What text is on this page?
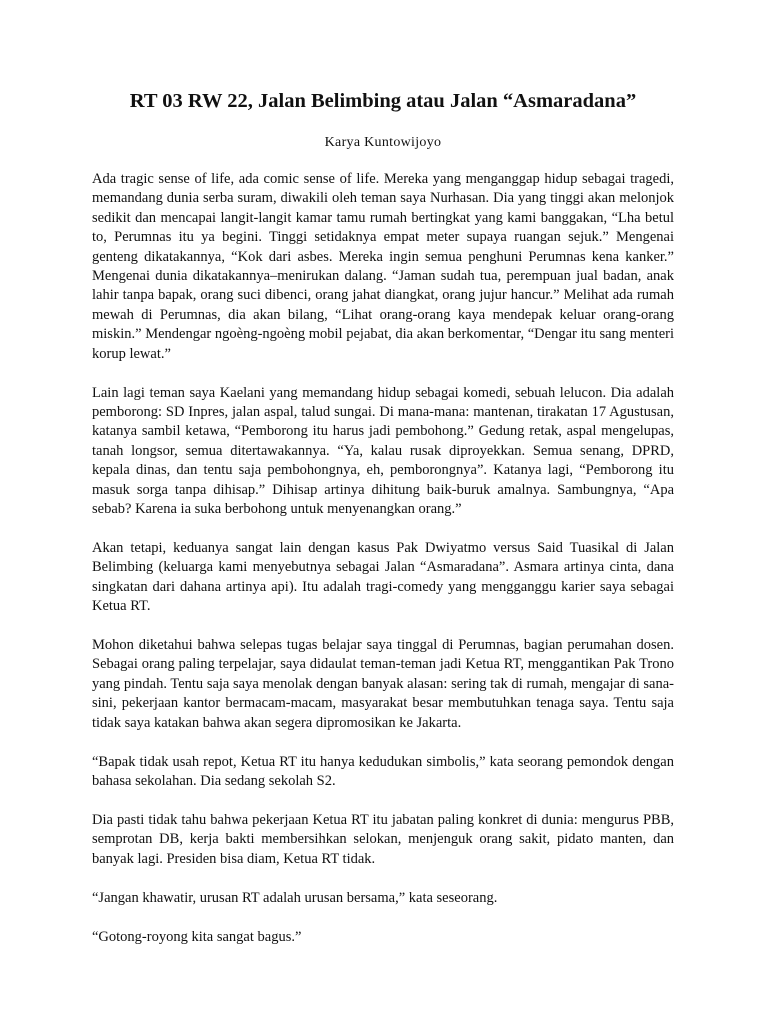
RT 03 RW 22, Jalan Belimbing atau Jalan “Asmaradana”
Karya Kuntowijoyo

Ada tragic sense of life, ada comic sense of life. Mereka yang menganggap hidup sebagai tragedi, memandang dunia serba suram, diwakili oleh teman saya Nurhasan. Dia yang tinggi akan melonjok sedikit dan mencapai langit-langit kamar tamu rumah bertingkat yang kami banggakan, “Lha betul to, Perumnas itu ya begini. Tinggi setidaknya empat meter supaya ruangan sejuk.” Mengenai genteng dikatakannya, “Kok dari asbes. Mereka ingin semua penghuni Perumnas kena kanker.” Mengenai dunia dikatakannya–menirukan dalang. “Jaman sudah tua, perempuan jual badan, anak lahir tanpa bapak, orang suci dibenci, orang jahat diangkat, orang jujur hancur.” Melihat ada rumah mewah di Perumnas, dia akan bilang, “Lihat orang-orang kaya mendepak keluar orang-orang miskin.” Mendengar ngoèng-ngoèng mobil pejabat, dia akan berkomentar, “Dengar itu sang menteri korup lewat.”

Lain lagi teman saya Kaelani yang memandang hidup sebagai komedi, sebuah lelucon. Dia adalah pemborong: SD Inpres, jalan aspal, talud sungai. Di mana-mana: mantenan, tirakatan 17 Agustusan, katanya sambil ketawa, “Pemborong itu harus jadi pembohong.” Gedung retak, aspal mengelupas, tanah longsor, semua ditertawakannya. “Ya, kalau rusak diproyekkan. Semua senang, DPRD, kepala dinas, dan tentu saja pembohongnya, eh, pemborongnya”. Katanya lagi, “Pemborong itu masuk sorga tanpa dihisap.” Dihisap artinya dihitung baik-buruk amalnya. Sambungnya, “Apa sebab? Karena ia suka berbohong untuk menyenangkan orang.”

Akan tetapi, keduanya sangat lain dengan kasus Pak Dwiyatmo versus Said Tuasikal di Jalan Belimbing (keluarga kami menyebutnya sebagai Jalan “Asmaradana”. Asmara artinya cinta, dana singkatan dari dahana artinya api). Itu adalah tragi-comedy yang mengganggu karier saya sebagai Ketua RT.

Mohon diketahui bahwa selepas tugas belajar saya tinggal di Perumnas, bagian perumahan dosen. Sebagai orang paling terpelajar, saya didaulat teman-teman jadi Ketua RT, menggantikan Pak Trono yang pindah. Tentu saja saya menolak dengan banyak alasan: sering tak di rumah, mengajar di sana-sini, pekerjaan kantor bermacam-macam, masyarakat besar membutuhkan tenaga saya. Tentu saja tidak saya katakan bahwa akan segera dipromosikan ke Jakarta.

“Bapak tidak usah repot, Ketua RT itu hanya kedudukan simbolis,” kata seorang pemondok dengan bahasa sekolahan. Dia sedang sekolah S2.

Dia pasti tidak tahu bahwa pekerjaan Ketua RT itu jabatan paling konkret di dunia: mengurus PBB, semprotan DB, kerja bakti membersihkan selokan, menjenguk orang sakit, pidato manten, dan banyak lagi. Presiden bisa diam, Ketua RT tidak.

“Jangan khawatir, urusan RT adalah urusan bersama,” kata seseorang.

“Gotong-royong kita sangat bagus.”
